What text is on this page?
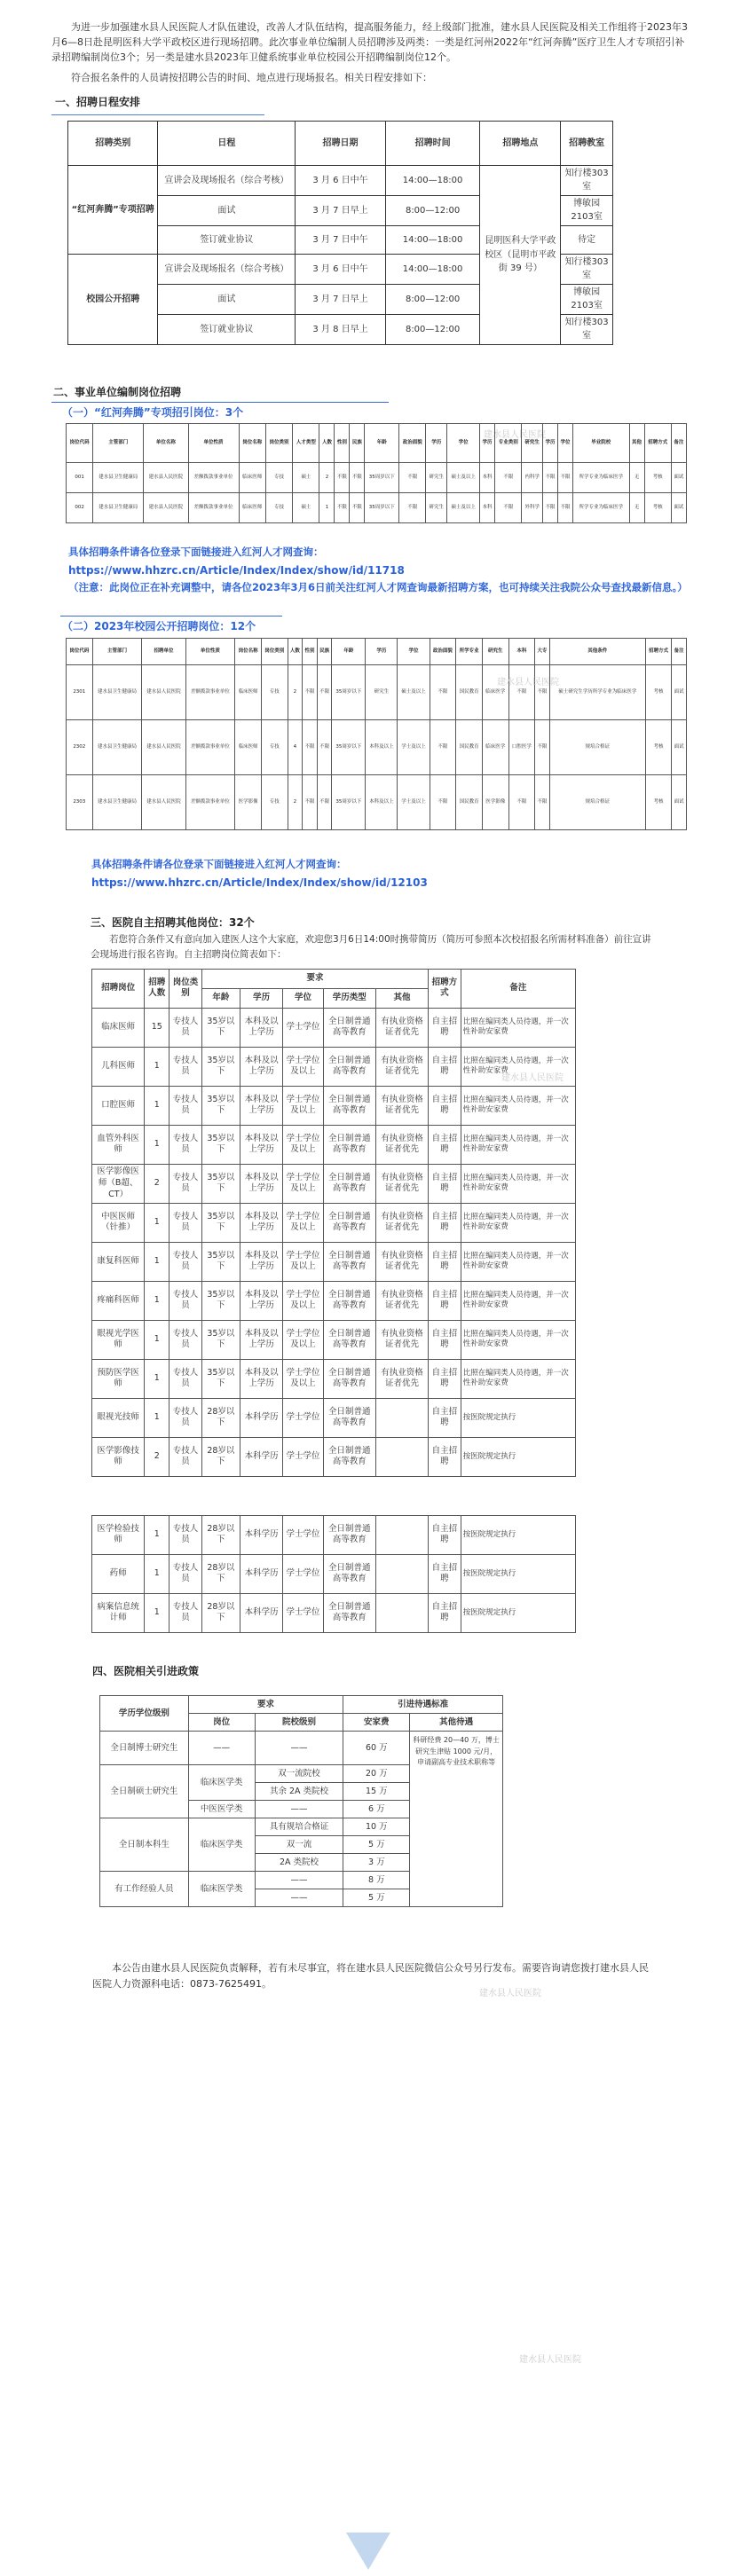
为进一步加强建水县人民医院人才队伍建设，改善人才队伍结构，提高服务能力，经上级部门批准，建水县人民医院及相关工作组将于2023年3月6—8日赴昆明医科大学平政校区进行现场招聘。此次事业单位编制人员招聘涉及两类：一类是红河州2022年“红河奔腾”医疗卫生人才专项招引补录招聘编制岗位3个；另一类是建水县2023年卫健系统事业单位校园公开招聘编制岗位12个。

符合报名条件的人员请按招聘公告的时间、地点进行现场报名。相关日程安排如下：

一、招聘日程安排
招聘类别	日程	招聘日期	招聘时间	招聘地点	招聘教室
“红河奔腾”专项招聘	宣讲会及现场报名（综合考核）	3 月 6 日中午	14:00—18:00	昆明医科大学平政校区（昆明市平政街 39 号）	知行楼303室
	面试	3 月 7 日早上	8:00—12:00		博敏园2103室
	签订就业协议	3 月 7 日中午	14:00—18:00		待定
校园公开招聘	宣讲会及现场报名（综合考核）	3 月 6 日中午	14:00—18:00		知行楼303室
	面试	3 月 7 日早上	8:00—12:00		博敏园2103室
	签订就业协议	3 月 8 日早上	8:00—12:00		知行楼303室
建水县人民医院
二、事业单位编制岗位招聘
（一）“红河奔腾”专项招引岗位：3个
岗位代码	主管部门	单位名称	单位性质	岗位名称	岗位类别	人才类型	人数	性别	民族	年龄	政治面貌	学历	学位	学历	专业类别	研究生	学历	学位	毕业院校	其他	招聘方式	备注
001	建水县卫生健康局	建水县人民医院	差额拨款事业单位	临床医师	专技	硕士	2	不限	不限	35周岁以下	不限	研究生	硕士及以上	本科	不限	内科学	不限	不限	所学专业为临床医学	无	考核	面试
002	建水县卫生健康局	建水县人民医院	差额拨款事业单位	临床医师	专技	硕士	1	不限	不限	35周岁以下	不限	研究生	硕士及以上	本科	不限	外科学	不限	不限	所学专业为临床医学	无	考核	面试
建水县人民医院
具体招聘条件请各位登录下面链接进入红河人才网查询：
https://www.hhzrc.cn/Article/Index/Index/show/id/11718
（注意：此岗位正在补充调整中，请各位2023年3月6日前关注红河人才网查询最新招聘方案，也可持续关注我院公众号查找最新信息。）
（二）2023年校园公开招聘岗位：12个
岗位代码	主管部门	招聘单位	单位性质	岗位名称	岗位类别	人数	性别	民族	年龄	学历	学位	政治面貌	所学专业	研究生	本科	大专	其他条件	招聘方式	备注
2301	建水县卫生健康局	建水县人民医院	差额拨款事业单位	临床医师	专技	2	不限	不限	35周岁以下	研究生	硕士及以上	不限	国民教育	临床医学	不限	不限	硕士研究生学历所学专业为临床医学	考核	面试
2302	建水县卫生健康局	建水县人民医院	差额拨款事业单位	临床医师	专技	4	不限	不限	35周岁以下	本科及以上	学士及以上	不限	国民教育	临床医学	口腔医学	不限	规培合格证	考核	面试
2303	建水县卫生健康局	建水县人民医院	差额拨款事业单位	医学影像	专技	2	不限	不限	35周岁以下	本科及以上	学士及以上	不限	国民教育	医学影像	不限	不限	规培合格证	考核	面试
建水县人民医院
具体招聘条件请各位登录下面链接进入红河人才网查询：
https://www.hhzrc.cn/Article/Index/Index/show/id/12103
三、医院自主招聘其他岗位：32个
若您符合条件又有意向加入建医人这个大家庭，欢迎您3月6日14:00时携带简历（简历可参照本次校招报名所需材料准备）前往宣讲会现场进行报名咨询。自主招聘岗位简表如下：
招聘岗位	招聘人数	岗位类别	要求					招聘方式	备注
			年龄	学历	学位	学历类型	其他		
临床医师	15	专技人员	35岁以下	本科及以上学历	学士学位	全日制普通高等教育	有执业资格证者优先	自主招聘	比照在编同类人员待遇，并一次性补助安家费
儿科医师	1	专技人员	35岁以下	本科及以上学历	学士学位及以上	全日制普通高等教育	有执业资格证者优先	自主招聘	比照在编同类人员待遇，并一次性补助安家费
口腔医师	1	专技人员	35岁以下	本科及以上学历	学士学位及以上	全日制普通高等教育	有执业资格证者优先	自主招聘	比照在编同类人员待遇，并一次性补助安家费
血管外科医师	1	专技人员	35岁以下	本科及以上学历	学士学位及以上	全日制普通高等教育	有执业资格证者优先	自主招聘	比照在编同类人员待遇，并一次性补助安家费
医学影像医师（B超、CT）	2	专技人员	35岁以下	本科及以上学历	学士学位及以上	全日制普通高等教育	有执业资格证者优先	自主招聘	比照在编同类人员待遇，并一次性补助安家费
中医医师（针推）	1	专技人员	35岁以下	本科及以上学历	学士学位及以上	全日制普通高等教育	有执业资格证者优先	自主招聘	比照在编同类人员待遇，并一次性补助安家费
康复科医师	1	专技人员	35岁以下	本科及以上学历	学士学位及以上	全日制普通高等教育	有执业资格证者优先	自主招聘	比照在编同类人员待遇，并一次性补助安家费
疼痛科医师	1	专技人员	35岁以下	本科及以上学历	学士学位及以上	全日制普通高等教育	有执业资格证者优先	自主招聘	比照在编同类人员待遇，并一次性补助安家费
眼视光学医师	1	专技人员	35岁以下	本科及以上学历	学士学位及以上	全日制普通高等教育	有执业资格证者优先	自主招聘	比照在编同类人员待遇，并一次性补助安家费
预防医学医师	1	专技人员	35岁以下	本科及以上学历	学士学位及以上	全日制普通高等教育	有执业资格证者优先	自主招聘	比照在编同类人员待遇，并一次性补助安家费
眼视光技师	1	专技人员	28岁以下	本科学历	学士学位	全日制普通高等教育		自主招聘	按医院规定执行
医学影像技师	2	专技人员	28岁以下	本科学历	学士学位	全日制普通高等教育		自主招聘	按医院规定执行

医学检验技师	1	专技人员	28岁以下	本科学历	学士学位	全日制普通高等教育		自主招聘	按医院规定执行
药师	1	专技人员	28岁以下	本科学历	学士学位	全日制普通高等教育		自主招聘	按医院规定执行
病案信息统计师	1	专技人员	28岁以下	本科学历	学士学位	全日制普通高等教育		自主招聘	按医院规定执行
建水县人民医院
四、医院相关引进政策
学历学位级别	要求		引进待遇标准	
	岗位	院校级别	安家费	其他待遇
全日制博士研究生	——	——	60 万	科研经费 20—40 万，博士研究生津贴 1000 元/月，申请副高专业技术职称等
全日制硕士研究生	临床医学类	双一流院校	20 万	
		其余 2A 类院校	15 万	
	中医医学类	——	6 万	
全日制本科生	临床医学类	具有规培合格证	10 万	
		双一流	5 万	
		2A 类院校	3 万	
有工作经验人员	临床医学类	——	8 万	
		——	5 万	
建水县人民医院
本公告由建水县人民医院负责解释，若有未尽事宜，将在建水县人民医院微信公众号另行发布。需要咨询请您拨打建水县人民医院人力资源科电话：0873-7625491。
